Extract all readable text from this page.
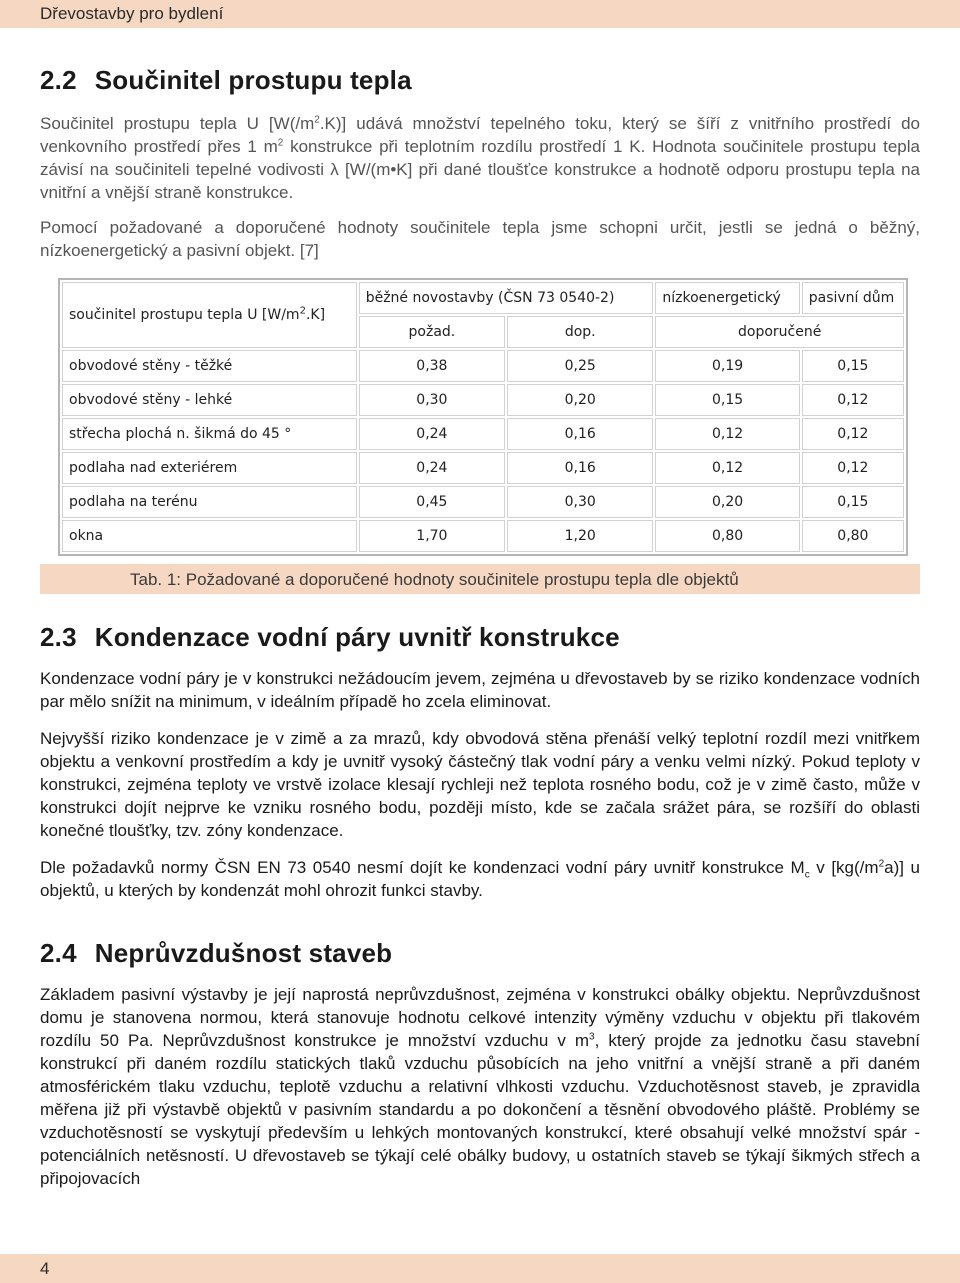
Dřevostavby pro bydlení
2.2 Součinitel prostupu tepla

Součinitel prostupu tepla U $[W(/m^2.K)]$ udává množství tepelného toku, který se šíří z vnitřního prostředí do venkovního prostředí přes 1 $m^2$ konstrukce při teplotním rozdílu prostředí 1 K. Hodnota součinitele prostupu tepla závisí na součiniteli tepelné vodivosti λ [W/(m•K] při dané tloušťce konstrukce a hodnotě odporu prostupu tepla na vnitřní a vnější straně konstrukce.

Pomocí požadované a doporučené hodnoty součinitele tepla jsme schopni určit, jestli se jedná o běžný, nízkoenergetický a pasivní objekt. [7]

součinitel prostupu tepla U $[W/m^2.K]$	běžné novostavby (ČSN 73 0540-2)		nízkoenergetický	pasivní dům
	požad.	dop.	doporučené	
obvodové stěny - těžké	0,38	0,25	0,19	0,15
obvodové stěny - lehké	0,30	0,20	0,15	0,12
střecha plochá n. šikmá do 45 °	0,24	0,16	0,12	0,12
podlaha nad exteriérem	0,24	0,16	0,12	0,12
podlaha na terénu	0,45	0,30	0,20	0,15
okna	1,70	1,20	0,80	0,80
Tab. 1: Požadované a doporučené hodnoty součinitele prostupu tepla dle objektů
2.3 Kondenzace vodní páry uvnitř konstrukce

Kondenzace vodní páry je v konstrukci nežádoucím jevem, zejména u dřevostaveb by se riziko kondenzace vodních par mělo snížit na minimum, v ideálním případě ho zcela eliminovat.

Nejvyšší riziko kondenzace je v zimě a za mrazů, kdy obvodová stěna přenáší velký teplotní rozdíl mezi vnitřkem objektu a venkovní prostředím a kdy je uvnitř vysoký částečný tlak vodní páry a venku velmi nízký. Pokud teploty v konstrukci, zejména teploty ve vrstvě izolace klesají rychleji než teplota rosného bodu, což je v zimě často, může v konstrukci dojít nejprve ke vzniku rosného bodu, později místo, kde se začala srážet pára, se rozšíří do oblasti konečné tloušťky, tzv. zóny kondenzace.

Dle požadavků normy ČSN EN 73 0540 nesmí dojít ke kondenzaci vodní páry uvnitř konstrukce $M_c$ v $[kg(/m^2a)]$ u objektů, u kterých by kondenzát mohl ohrozit funkci stavby.

2.4 Neprůvzdušnost staveb

Základem pasivní výstavby je její naprostá neprůvzdušnost, zejména v konstrukci obálky objektu. Neprůvzdušnost domu je stanovena normou, která stanovuje hodnotu celkové intenzity výměny vzduchu v objektu při tlakovém rozdílu 50 Pa. Neprůvzdušnost konstrukce je množství vzduchu v $m^3$, který projde za jednotku času stavební konstrukcí při daném rozdílu statických tlaků vzduchu působících na jeho vnitřní a vnější straně a při daném atmosférickém tlaku vzduchu, teplotě vzduchu a relativní vlhkosti vzduchu. Vzduchotěsnost staveb, je zpravidla měřena již při výstavbě objektů v pasivním standardu a po dokončení a těsnění obvodového pláště. Problémy se vzduchotěsností se vyskytují především u lehkých montovaných konstrukcí, které obsahují velké množství spár - potenciálních netěsností. U dřevostaveb se týkají celé obálky budovy, u ostatních staveb se týkají šikmých střech a připojovacích

4
